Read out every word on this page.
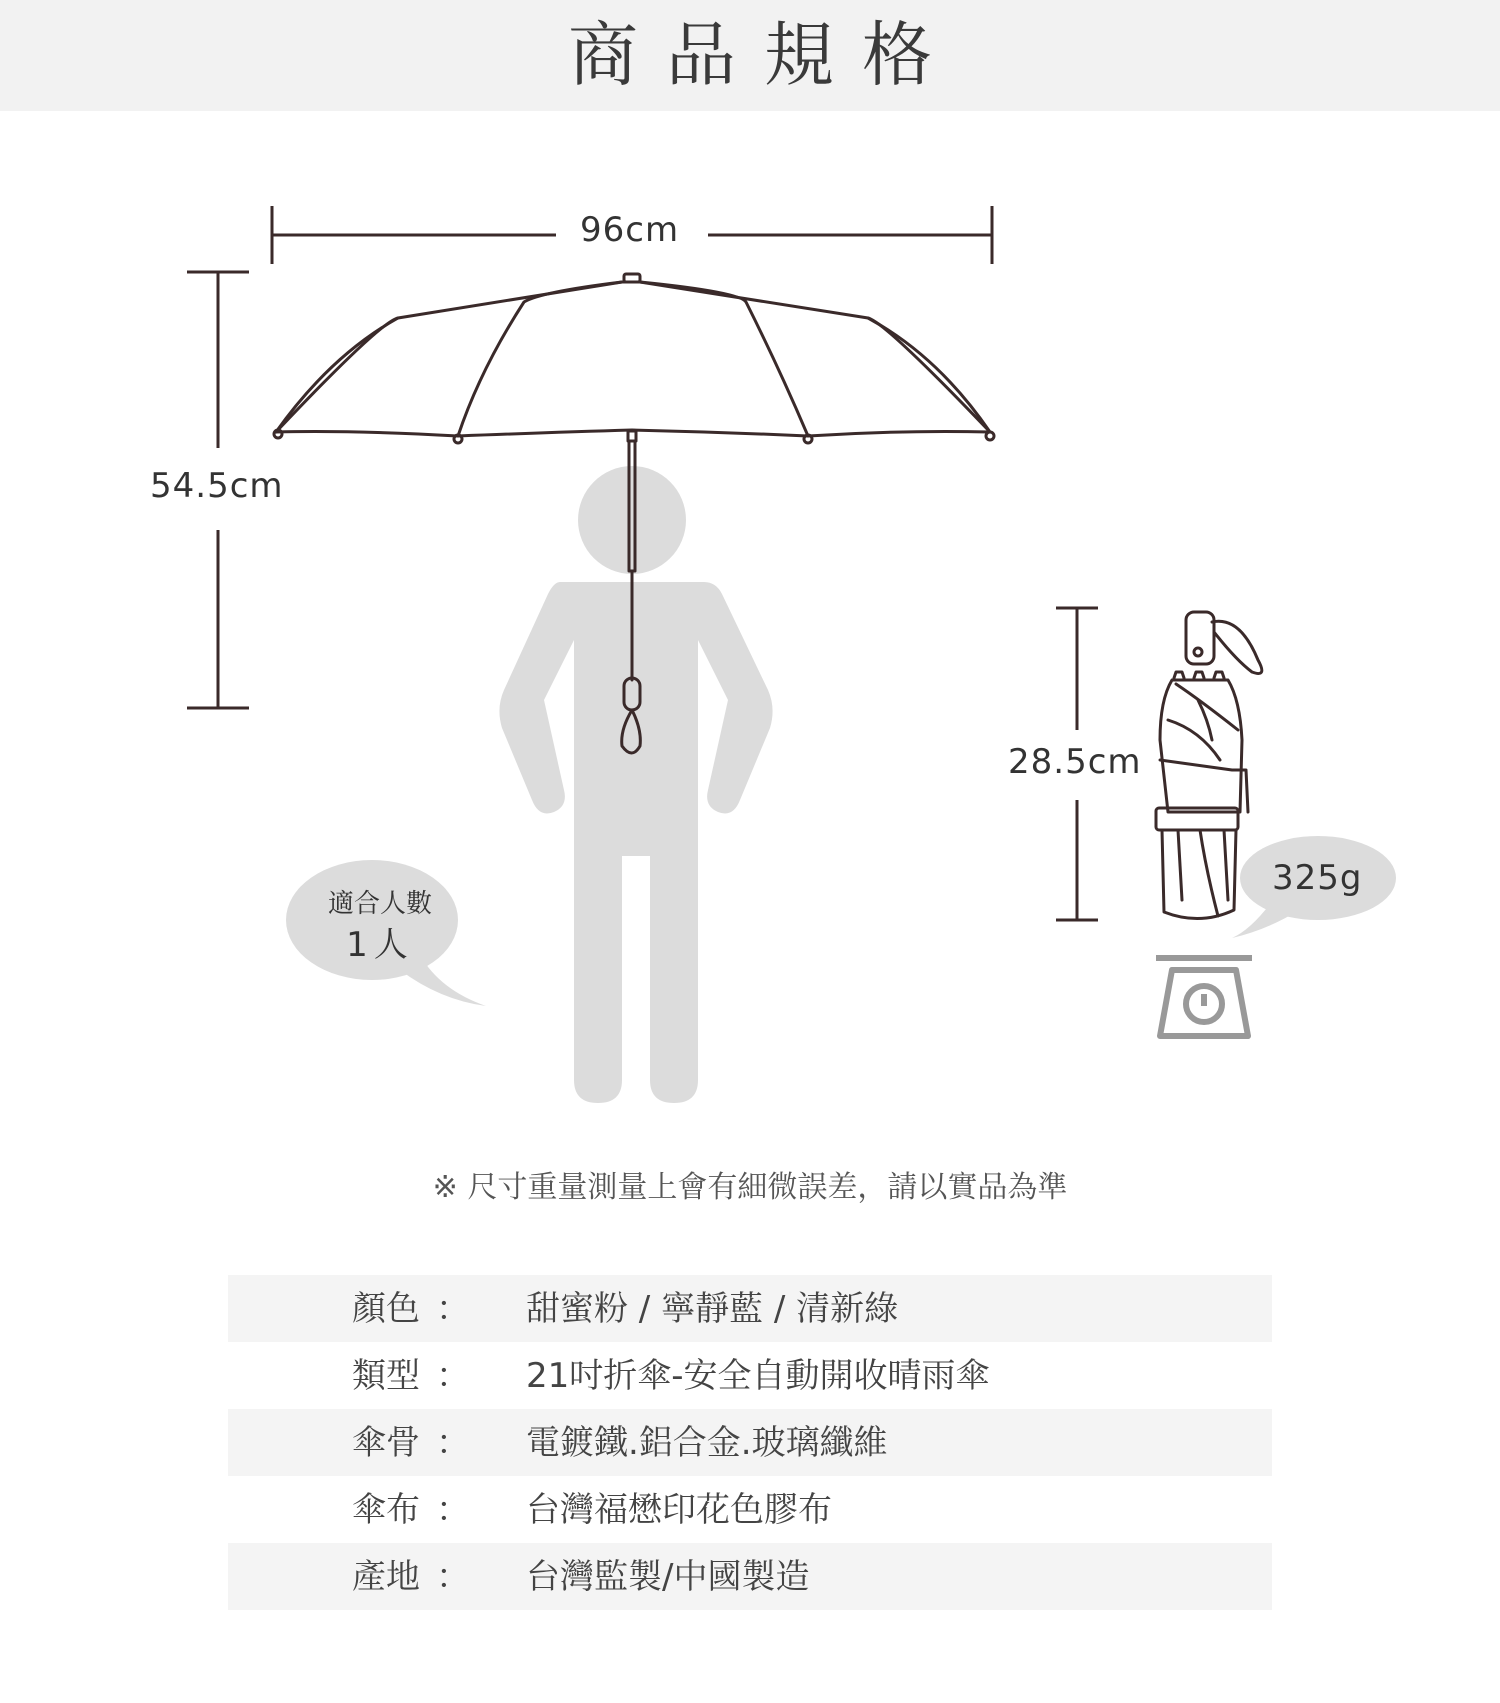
商品規格
96cm
54.5cm
28.5cm
325g
適合人數
1人
※ 尺寸重量測量上會有細微誤差，請以實品為準
顏色 ： 甜蜜粉 / 寧靜藍 / 清新綠
類型 ： 21吋折傘-安全自動開收晴雨傘
傘骨 ： 電鍍鐵.鋁合金.玻璃纖維
傘布 ： 台灣福懋印花色膠布
產地 ： 台灣監製/中國製造
